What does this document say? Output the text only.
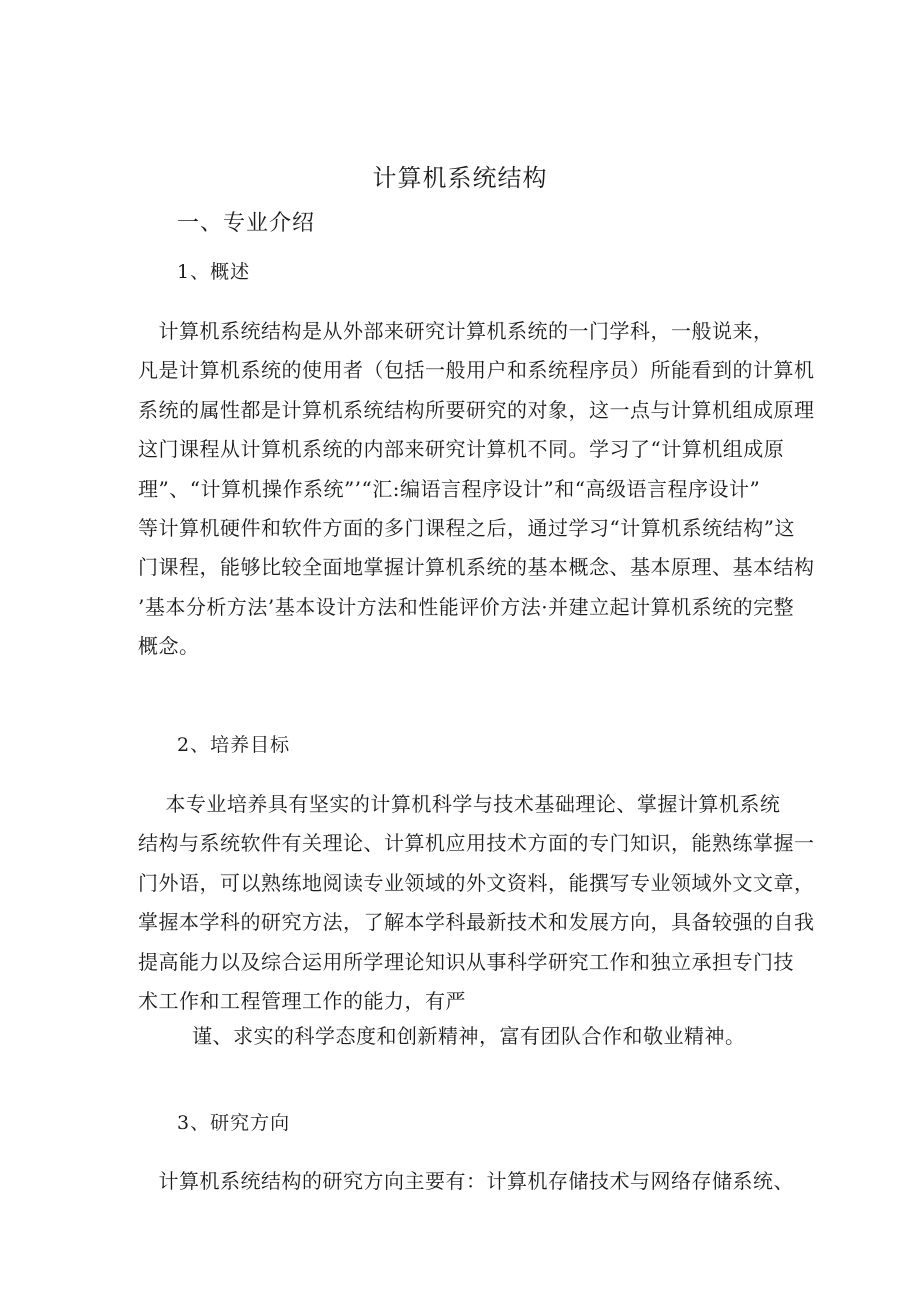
计算机系统结构
一、专业介绍
1、概述
　计算机系统结构是从外部来研究计算机系统的一门学科，一般说来，
凡是计算机系统的使用者（包括一般用户和系统程序员）所能看到的计算机
系统的属性都是计算机系统结构所要研究的对象，这一点与计算机组成原理
这门课程从计算机系统的内部来研究计算机不同。学习了“计算机组成原
理”、“计算机操作系统”’“汇:编语言程序设计”和“高级语言程序设计”
等计算机硬件和软件方面的多门课程之后，通过学习“计算机系统结构”这
门课程，能够比较全面地掌握计算机系统的基本概念、基本原理、基本结构
’基本分析方法’基本设计方法和性能评价方法·并建立起计算机系统的完整
概念。
2、培养目标
　 本专业培养具有坚实的计算机科学与技术基础理论、掌握计算机系统
结构与系统软件有关理论、计算机应用技术方面的专门知识，能熟练掌握一
门外语，可以熟练地阅读专业领域的外文资料，能撰写专业领域外文文章，
掌握本学科的研究方法，了解本学科最新技术和发展方向，具备较强的自我
提高能力以及综合运用所学理论知识从事科学研究工作和独立承担专门技
术工作和工程管理工作的能力，有严
谨、求实的科学态度和创新精神，富有团队合作和敬业精神。
3、研究方向
　计算机系统结构的研究方向主要有：计算机存储技术与网络存储系统、
